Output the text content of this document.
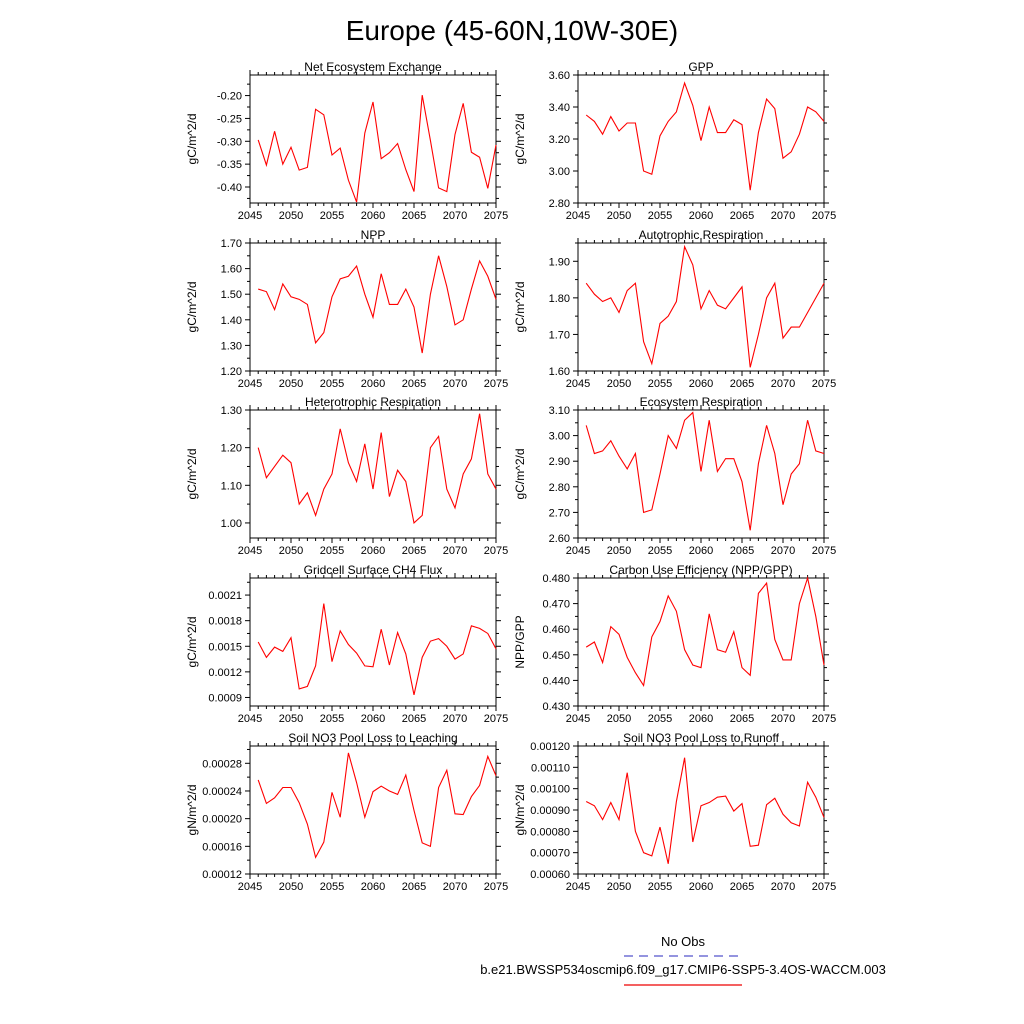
Europe (45-60N,10W-30E)
Net Ecosystem Exchange
gC/m^2/d
2045 2050 2055 2060 2065 2070 2075
-0.40
-0.35
-0.30
-0.25
-0.20
GPP
gC/m^2/d
2045 2050 2055 2060 2065 2070 2075
2.80
3.00
3.20
3.40
3.60
NPP
gC/m^2/d
2045 2050 2055 2060 2065 2070 2075
1.20
1.30
1.40
1.50
1.60
1.70
Autotrophic Respiration
gC/m^2/d
2045 2050 2055 2060 2065 2070 2075
1.60
1.70
1.80
1.90
Heterotrophic Respiration
gC/m^2/d
2045 2050 2055 2060 2065 2070 2075
1.00
1.10
1.20
1.30
Ecosystem Respiration
gC/m^2/d
2045 2050 2055 2060 2065 2070 2075
2.60
2.70
2.80
2.90
3.00
3.10
Gridcell Surface CH4 Flux
gC/m^2/d
2045 2050 2055 2060 2065 2070 2075
0.0009
0.0012
0.0015
0.0018
0.0021
Carbon Use Efficiency (NPP/GPP)
NPP/GPP
2045 2050 2055 2060 2065 2070 2075
0.430
0.440
0.450
0.460
0.470
0.480
Soil NO3 Pool Loss to Leaching
gN/m^2/d
2045 2050 2055 2060 2065 2070 2075
0.00012
0.00016
0.00020
0.00024
0.00028
Soil NO3 Pool Loss to Runoff
gN/m^2/d
2045 2050 2055 2060 2065 2070 2075
0.00060
0.00070
0.00080
0.00090
0.00100
0.00110
0.00120
No Obs
b.e21.BWSSP534oscmip6.f09_g17.CMIP6-SSP5-3.4OS-WACCM.003
